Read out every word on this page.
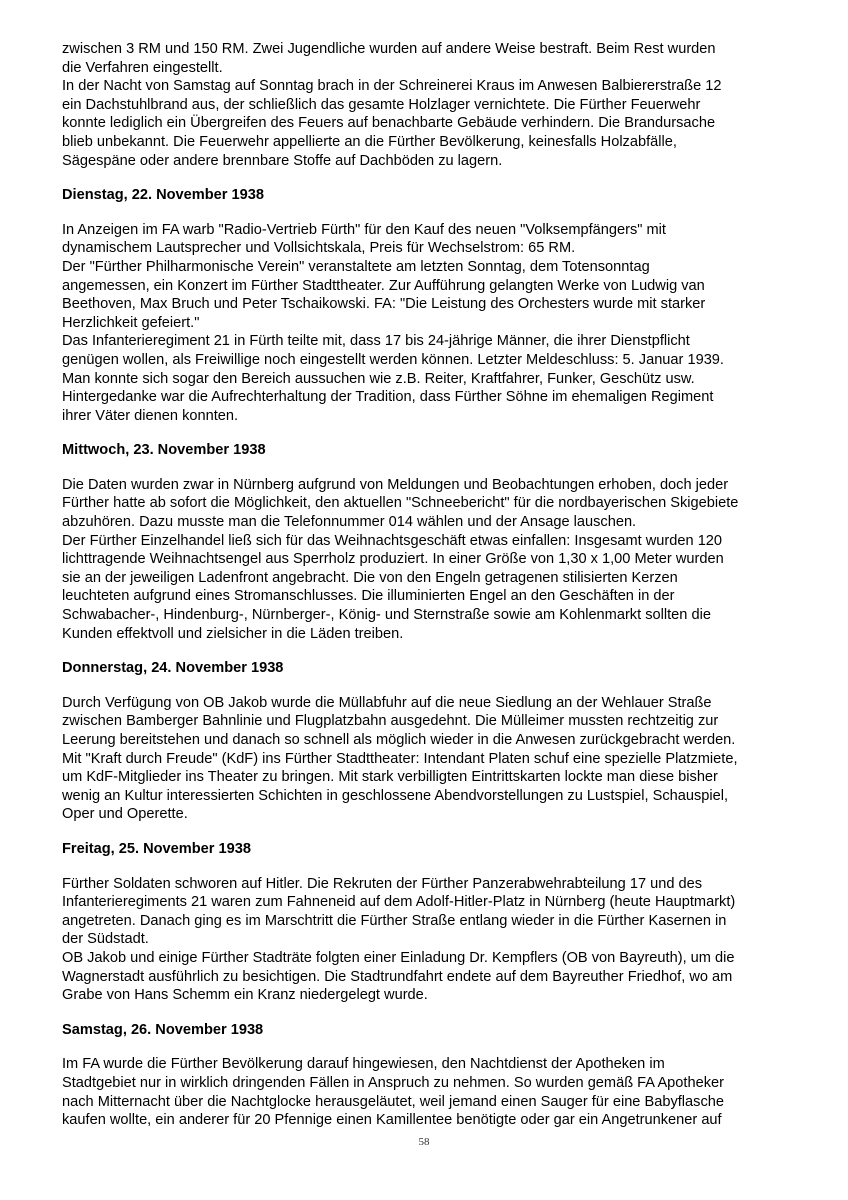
zwischen 3 RM und 150 RM. Zwei Jugendliche wurden auf andere Weise bestraft. Beim Rest wurden
die Verfahren eingestellt.

In der Nacht von Samstag auf Sonntag brach in der Schreinerei Kraus im Anwesen Balbiererstraße 12
ein Dachstuhlbrand aus, der schließlich das gesamte Holzlager vernichtete. Die Fürther Feuerwehr
konnte lediglich ein Übergreifen des Feuers auf benachbarte Gebäude verhindern. Die Brandursache
blieb unbekannt. Die Feuerwehr appellierte an die Fürther Bevölkerung, keinesfalls Holzabfälle,
Sägespäne oder andere brennbare Stoffe auf Dachböden zu lagern.

Dienstag, 22. November 1938

In Anzeigen im FA warb "Radio-Vertrieb Fürth" für den Kauf des neuen "Volksempfängers" mit
dynamischem Lautsprecher und Vollsichtskala, Preis für Wechselstrom: 65 RM.

Der "Fürther Philharmonische Verein" veranstaltete am letzten Sonntag, dem Totensonntag
angemessen, ein Konzert im Fürther Stadttheater. Zur Aufführung gelangten Werke von Ludwig van
Beethoven, Max Bruch und Peter Tschaikowski. FA: "Die Leistung des Orchesters wurde mit starker
Herzlichkeit gefeiert."

Das Infanterieregiment 21 in Fürth teilte mit, dass 17 bis 24-jährige Männer, die ihrer Dienstpflicht
genügen wollen, als Freiwillige noch eingestellt werden können. Letzter Meldeschluss: 5. Januar 1939.
Man konnte sich sogar den Bereich aussuchen wie z.B. Reiter, Kraftfahrer, Funker, Geschütz usw.
Hintergedanke war die Aufrechterhaltung der Tradition, dass Fürther Söhne im ehemaligen Regiment
ihrer Väter dienen konnten.

Mittwoch, 23. November 1938

Die Daten wurden zwar in Nürnberg aufgrund von Meldungen und Beobachtungen erhoben, doch jeder
Fürther hatte ab sofort die Möglichkeit, den aktuellen "Schneebericht" für die nordbayerischen Skigebiete
abzuhören. Dazu musste man die Telefonnummer 014 wählen und der Ansage lauschen.

Der Fürther Einzelhandel ließ sich für das Weihnachtsgeschäft etwas einfallen: Insgesamt wurden 120
lichttragende Weihnachtsengel aus Sperrholz produziert. In einer Größe von 1,30 x 1,00 Meter wurden
sie an der jeweiligen Ladenfront angebracht. Die von den Engeln getragenen stilisierten Kerzen
leuchteten aufgrund eines Stromanschlusses. Die illuminierten Engel an den Geschäften in der
Schwabacher-, Hindenburg-, Nürnberger-, König- und Sternstraße sowie am Kohlenmarkt sollten die
Kunden effektvoll und zielsicher in die Läden treiben.

Donnerstag, 24. November 1938

Durch Verfügung von OB Jakob wurde die Müllabfuhr auf die neue Siedlung an der Wehlauer Straße
zwischen Bamberger Bahnlinie und Flugplatzbahn ausgedehnt. Die Mülleimer mussten rechtzeitig zur
Leerung bereitstehen und danach so schnell als möglich wieder in die Anwesen zurückgebracht werden.

Mit "Kraft durch Freude" (KdF) ins Fürther Stadttheater: Intendant Platen schuf eine spezielle Platzmiete,
um KdF-Mitglieder ins Theater zu bringen. Mit stark verbilligten Eintrittskarten lockte man diese bisher
wenig an Kultur interessierten Schichten in geschlossene Abendvorstellungen zu Lustspiel, Schauspiel,
Oper und Operette.

Freitag, 25. November 1938

Fürther Soldaten schworen auf Hitler. Die Rekruten der Fürther Panzerabwehrabteilung 17 und des
Infanterieregiments 21 waren zum Fahneneid auf dem Adolf-Hitler-Platz in Nürnberg (heute Hauptmarkt)
angetreten. Danach ging es im Marschtritt die Fürther Straße entlang wieder in die Fürther Kasernen in
der Südstadt.

OB Jakob und einige Fürther Stadträte folgten einer Einladung Dr. Kempflers (OB von Bayreuth), um die
Wagnerstadt ausführlich zu besichtigen. Die Stadtrundfahrt endete auf dem Bayreuther Friedhof, wo am
Grabe von Hans Schemm ein Kranz niedergelegt wurde.

Samstag, 26. November 1938

Im FA wurde die Fürther Bevölkerung darauf hingewiesen, den Nachtdienst der Apotheken im
Stadtgebiet nur in wirklich dringenden Fällen in Anspruch zu nehmen. So wurden gemäß FA Apotheker
nach Mitternacht über die Nachtglocke herausgeläutet, weil jemand einen Sauger für eine Babyflasche
kaufen wollte, ein anderer für 20 Pfennige einen Kamillentee benötigte oder gar ein Angetrunkener auf

58
